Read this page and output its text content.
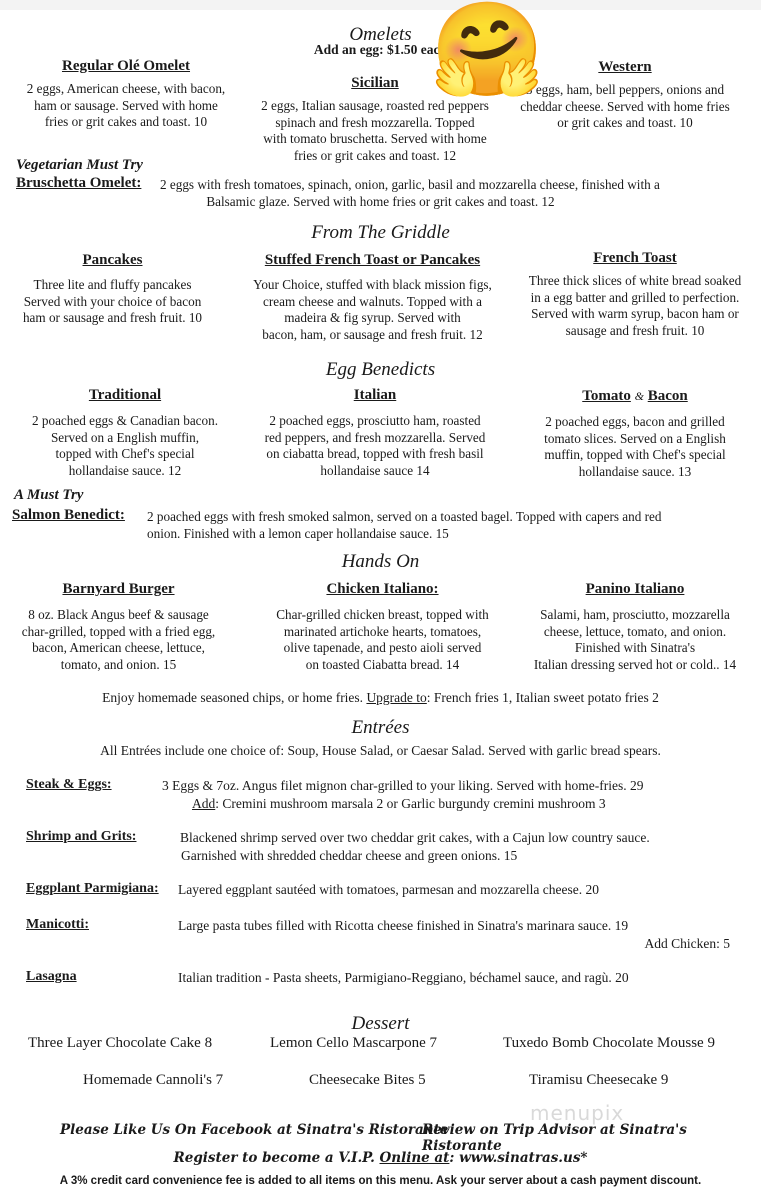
Omelets
Add an egg: $1.50 each
Regular Olé Omelet
2 eggs, American cheese, with bacon,
ham or sausage. Served with home
fries or grit cakes and toast. 10
Sicilian
2 eggs, Italian sausage, roasted red peppers
spinach and fresh mozzarella. Topped
with tomato bruschetta. Served with home
fries or grit cakes and toast. 12
Western
3 eggs, ham, bell peppers, onions and
cheddar cheese. Served with home fries
or grit cakes and toast. 10
Vegetarian Must Try
Bruschetta Omelet: 2 eggs with fresh tomatoes, spinach, onion, garlic, basil and mozzarella cheese, finished with a
Balsamic glaze. Served with home fries or grit cakes and toast. 12
From The Griddle
Pancakes
Three lite and fluffy pancakes
Served with your choice of bacon
ham or sausage and fresh fruit. 10
Stuffed French Toast or Pancakes
Your Choice, stuffed with black mission figs,
cream cheese and walnuts. Topped with a
madeira & fig syrup. Served with
bacon, ham, or sausage and fresh fruit. 12
French Toast
Three thick slices of white bread soaked
in a egg batter and grilled to perfection.
Served with warm syrup, bacon ham or
sausage and fresh fruit. 10
Egg Benedicts
Traditional
2 poached eggs & Canadian bacon.
Served on a English muffin,
topped with Chef's special
hollandaise sauce. 12
Italian
2 poached eggs, prosciutto ham, roasted
red peppers, and fresh mozzarella. Served
on ciabatta bread, topped with fresh basil
hollandaise sauce 14
Tomato & Bacon
2 poached eggs, bacon and grilled
tomato slices. Served on a English
muffin, topped with Chef's special
hollandaise sauce. 13
A Must Try
Salmon Benedict: 2 poached eggs with fresh smoked salmon, served on a toasted bagel. Topped with capers and red
onion. Finished with a lemon caper hollandaise sauce. 15
Hands On
Barnyard Burger
8 oz. Black Angus beef & sausage
char-grilled, topped with a fried egg,
bacon, American cheese, lettuce,
tomato, and onion. 15
Chicken Italiano:
Char-grilled chicken breast, topped with
marinated artichoke hearts, tomatoes,
olive tapenade, and pesto aioli served
on toasted Ciabatta bread. 14
Panino Italiano
Salami, ham, prosciutto, mozzarella
cheese, lettuce, tomato, and onion.
Finished with Sinatra's
Italian dressing served hot or cold.. 14
Enjoy homemade seasoned chips, or home fries. Upgrade to: French fries 1, Italian sweet potato fries 2
Entrées
All Entrées include one choice of: Soup, House Salad, or Caesar Salad. Served with garlic bread spears.
Steak & Eggs:	3 Eggs & 7oz. Angus filet mignon char-grilled to your liking. Served with home-fries. 29
Add: Cremini mushroom marsala 2 or Garlic burgundy cremini mushroom 3
Shrimp and Grits:	Blackened shrimp served over two cheddar grit cakes, with a Cajun low country sauce.
Garnished with shredded cheddar cheese and green onions. 15
Eggplant Parmigiana: Layered eggplant sautéed with tomatoes, parmesan and mozzarella cheese. 20
Manicotti:	Large pasta tubes filled with Ricotta cheese finished in Sinatra's marinara sauce. 19
Add Chicken: 5
Lasagna	Italian tradition - Pasta sheets, Parmigiano-Reggiano, béchamel sauce, and ragù. 20
Dessert
Three Layer Chocolate Cake 8	Lemon Cello Mascarpone 7	Tuxedo Bomb Chocolate Mousse 9
Homemade Cannoli's 7	Cheesecake Bites 5	Tiramisu Cheesecake 9
menupix
Please Like Us On Facebook at Sinatra's Ristorante
Review on Trip Advisor at Sinatra's Ristorante
Register to become a V.I.P. Online at: www.sinatras.us*
A 3% credit card convenience fee is added to all items on this menu. Ask your server about a cash payment discount.
🤗
